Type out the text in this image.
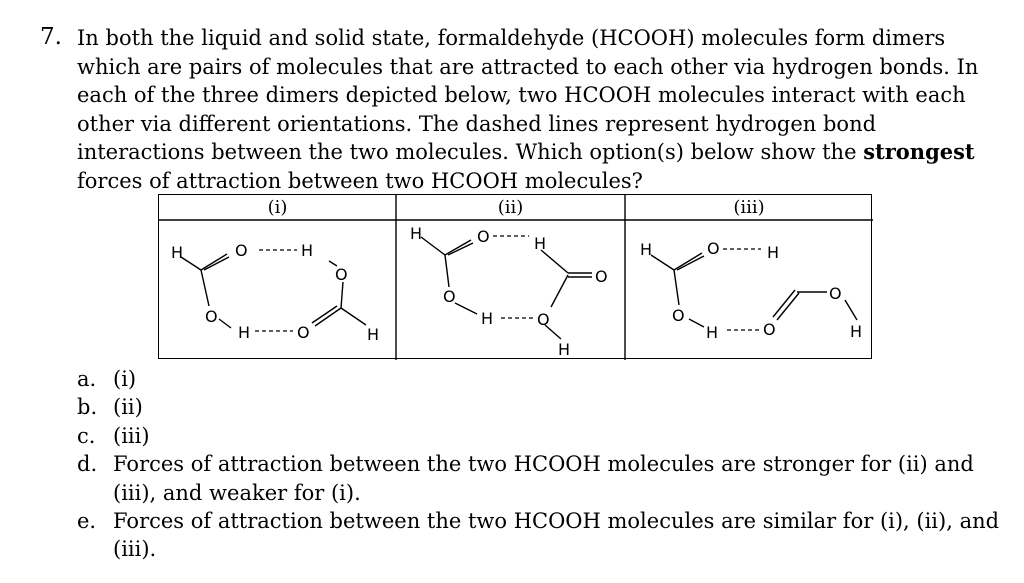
7. In both the liquid and solid state, formaldehyde (HCOOH) molecules form dimers which are pairs of molecules that are attracted to each other via hydrogen bonds. In each of the three dimers depicted below, two HCOOH molecules interact with each other via different orientations. The dashed lines represent hydrogen bond interactions between the two molecules. Which option(s) below show the strongest forces of attraction between two HCOOH molecules?
H	O	H
O
O
H	O	H
H	O	H
O
O
H	O
H
H	O	H
O
H	O
O
H
(i)	(ii)	(iii)
a. (i)
b. (ii)
c. (iii)
d. Forces of attraction between the two HCOOH molecules are stronger for (ii) and (iii), and weaker for (i).
e. Forces of attraction between the two HCOOH molecules are similar for (i), (ii), and (iii).
